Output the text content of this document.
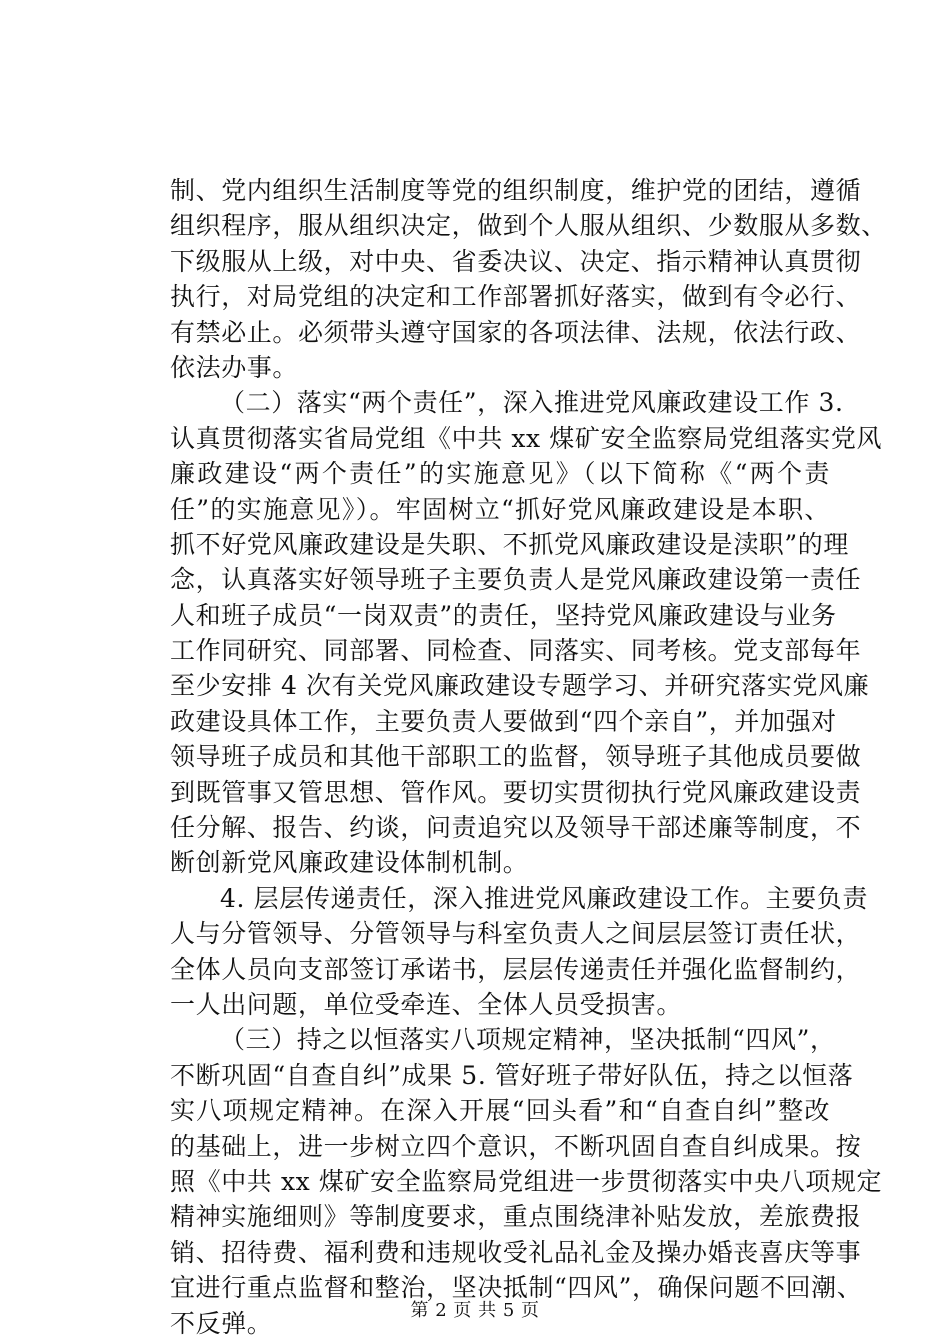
制、党内组织生活制度等党的组织制度，维护党的团结，遵循
组织程序，服从组织决定，做到个人服从组织、少数服从多数、
下级服从上级，对中央、省委决议、决定、指示精神认真贯彻
执行，对局党组的决定和工作部署抓好落实，做到有令必行、
有禁必止。必须带头遵守国家的各项法律、法规，依法行政、
依法办事。
（二）落实“两个责任”，深入推进党风廉政建设工作 3.
认真贯彻落实省局党组《中共 xx 煤矿安全监察局党组落实党风
廉政建设“两个责任”的实施意见》（以下简称《“两个责
任”的实施意见》）。牢固树立“抓好党风廉政建设是本职、
抓不好党风廉政建设是失职、不抓党风廉政建设是渎职”的理
念，认真落实好领导班子主要负责人是党风廉政建设第一责任
人和班子成员“一岗双责”的责任，坚持党风廉政建设与业务
工作同研究、同部署、同检查、同落实、同考核。党支部每年
至少安排 4 次有关党风廉政建设专题学习、并研究落实党风廉
政建设具体工作，主要负责人要做到“四个亲自”，并加强对
领导班子成员和其他干部职工的监督，领导班子其他成员要做
到既管事又管思想、管作风。要切实贯彻执行党风廉政建设责
任分解、报告、约谈，问责追究以及领导干部述廉等制度，不
断创新党风廉政建设体制机制。
4. 层层传递责任，深入推进党风廉政建设工作。主要负责
人与分管领导、分管领导与科室负责人之间层层签订责任状，
全体人员向支部签订承诺书，层层传递责任并强化监督制约，
一人出问题，单位受牵连、全体人员受损害。
（三）持之以恒落实八项规定精神，坚决抵制“四风”，
不断巩固“自查自纠”成果 5. 管好班子带好队伍，持之以恒落
实八项规定精神。在深入开展“回头看”和“自查自纠”整改
的基础上，进一步树立四个意识，不断巩固自查自纠成果。按
照《中共 xx 煤矿安全监察局党组进一步贯彻落实中央八项规定
精神实施细则》等制度要求，重点围绕津补贴发放，差旅费报
销、招待费、福利费和违规收受礼品礼金及操办婚丧喜庆等事
宜进行重点监督和整治，坚决抵制“四风”，确保问题不回潮、
不反弹。	第 2 页 共 5 页
